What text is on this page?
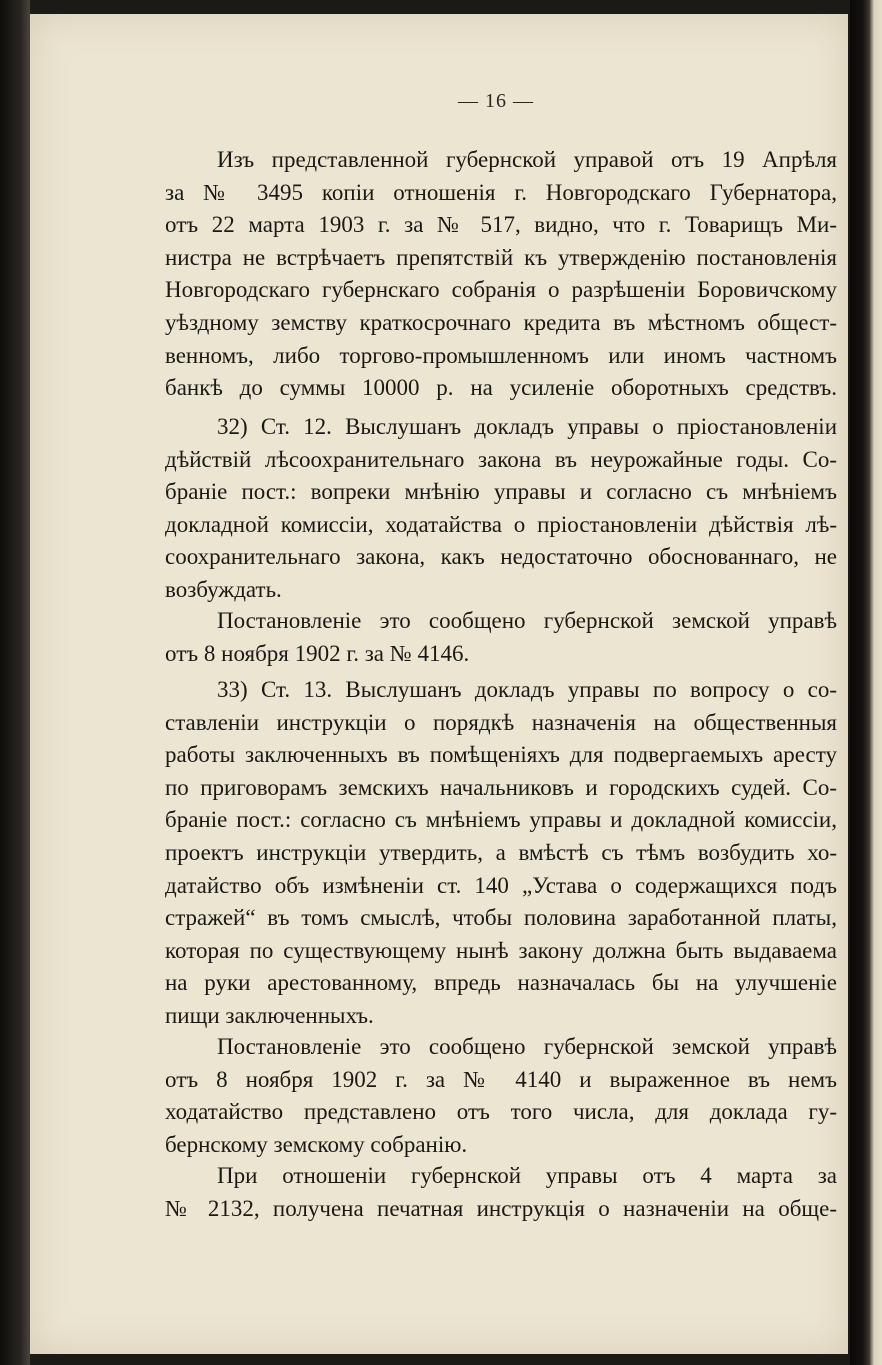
— 16 —
Изъ представленной губернской управой отъ 19 Апрѣля
за № 3495 копіи отношенія г. Новгородскаго Губернатора,
отъ 22 марта 1903 г. за № 517, видно, что г. Товарищъ Ми-
нистра не встрѣчаетъ препятствій къ утвержденію постановленія
Новгородскаго губернскаго собранія о разрѣшеніи Боровичскому
уѣздному земству краткосрочнаго кредита въ мѣстномъ общест-
венномъ, либо торгово-промышленномъ или иномъ частномъ
банкѣ до суммы 10000 р. на усиленіе оборотныхъ средствъ.
32) Ст. 12. Выслушанъ докладъ управы о пріостановленіи
дѣйствій лѣсоохранительнаго закона въ неурожайные годы. Со-
браніе пост.: вопреки мнѣнію управы и согласно съ мнѣніемъ
докладной комиссіи, ходатайства о пріостановленіи дѣйствія лѣ-
соохранительнаго закона, какъ недостаточно обоснованнаго, не
возбуждать.
Постановленіе это сообщено губернской земской управѣ
отъ 8 ноября 1902 г. за № 4146.
33) Ст. 13. Выслушанъ докладъ управы по вопросу о со-
ставленіи инструкціи о порядкѣ назначенія на общественныя
работы заключенныхъ въ помѣщеніяхъ для подвергаемыхъ аресту
по приговорамъ земскихъ начальниковъ и городскихъ судей. Со-
браніе пост.: согласно съ мнѣніемъ управы и докладной комиссіи,
проектъ инструкціи утвердить, а вмѣстѣ съ тѣмъ возбудить хо-
датайство объ измѣненіи ст. 140 „Устава о содержащихся подъ
стражей“ въ томъ смыслѣ, чтобы половина заработанной платы,
которая по существующему нынѣ закону должна быть выдаваема
на руки арестованному, впредь назначалась бы на улучшеніе
пищи заключенныхъ.
Постановленіе это сообщено губернской земской управѣ
отъ 8 ноября 1902 г. за № 4140 и выраженное въ немъ
ходатайство представлено отъ того числа, для доклада гу-
бернскому земскому собранію.
При отношеніи губернской управы отъ 4 марта за
№ 2132, получена печатная инструкція о назначеніи на обще-
